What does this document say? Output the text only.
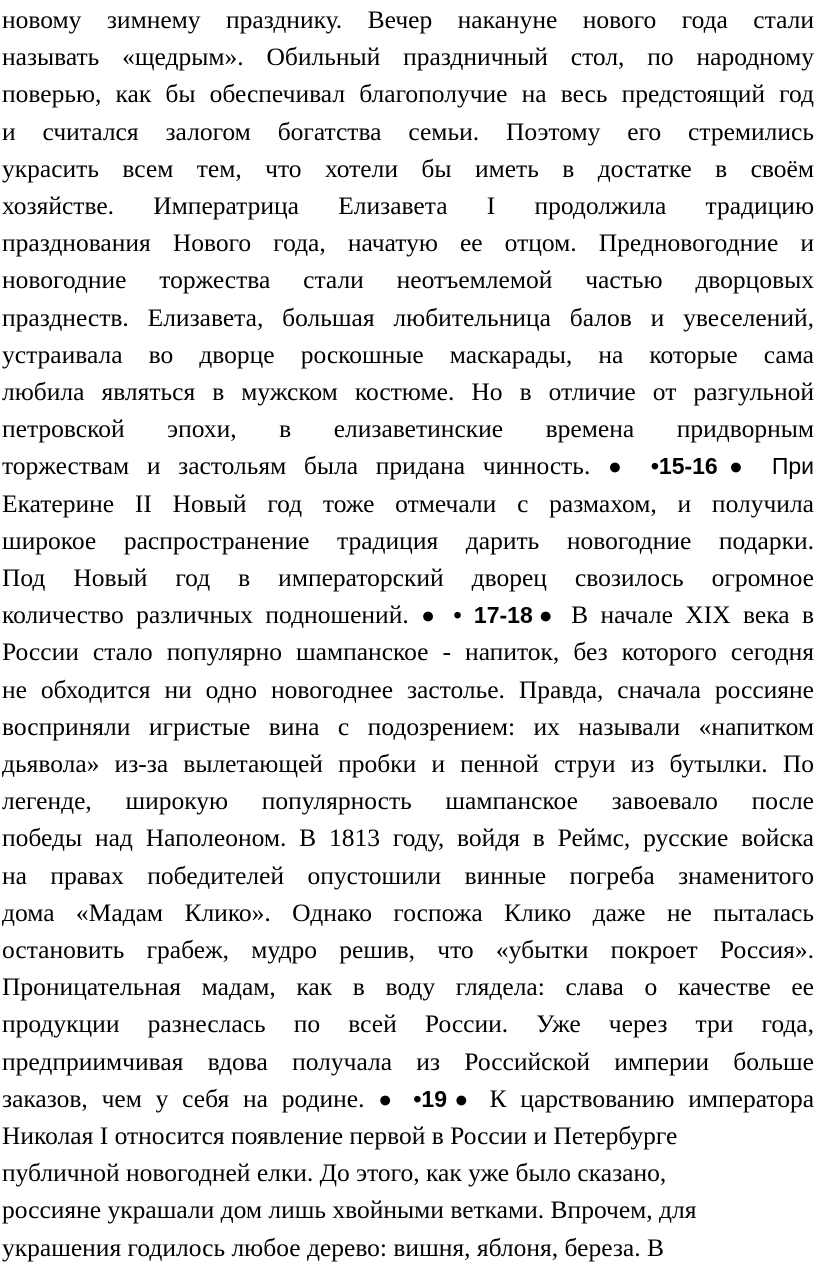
новому зимнему празднику. Вечер накануне нового года стали
называть «щедрым». Обильный праздничный стол, по народному
поверью, как бы обеспечивал благополучие на весь предстоящий год
и считался залогом богатства семьи. Поэтому его стремились
украсить всем тем, что хотели бы иметь в достатке в своём
хозяйстве. Императрица Елизавета I продолжила традицию
празднования Нового года, начатую ее отцом. Предновогодние и
новогодние торжества стали неотъемлемой частью дворцовых
празднеств. Елизавета, большая любительница балов и увеселений,
устраивала во дворце роскошные маскарады, на которые сама
любила являться в мужском костюме. Но в отличие от разгульной
петровской эпохи, в елизаветинские времена придворным
торжествам и застольям была придана чинность. ● •15-16● При
Екатерине II Новый год тоже отмечали с размахом, и получила
широкое распространение традиция дарить новогодние подарки.
Под Новый год в императорский дворец свозилось огромное
количество различных подношений. ● • 17-18● В начале XIX века в
России стало популярно шампанское - напиток, без которого сегодня
не обходится ни одно новогоднее застолье. Правда, сначала россияне
восприняли игристые вина с подозрением: их называли «напитком
дьявола» из-за вылетающей пробки и пенной струи из бутылки. По
легенде, широкую популярность шампанское завоевало после
победы над Наполеоном. В 1813 году, войдя в Реймс, русские войска
на правах победителей опустошили винные погреба знаменитого
дома «Мадам Клико». Однако госпожа Клико даже не пыталась
остановить грабеж, мудро решив, что «убытки покроет Россия».
Проницательная мадам, как в воду глядела: слава о качестве ее
продукции разнеслась по всей России. Уже через три года,
предприимчивая вдова получала из Российской империи больше
заказов, чем у себя на родине. ● •19● К царствованию императора
Николая I относится появление первой в России и Петербурге
публичной новогодней елки. До этого, как уже было сказано,
россияне украшали дом лишь хвойными ветками. Впрочем, для
украшения годилось любое дерево: вишня, яблоня, береза. В
